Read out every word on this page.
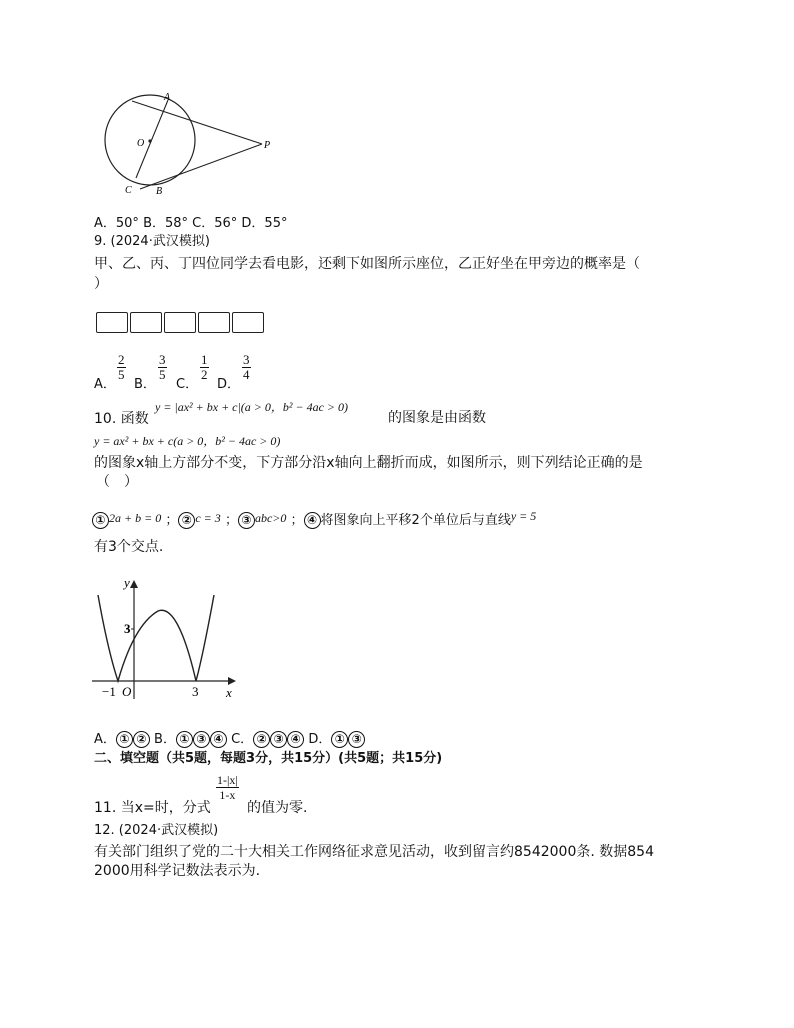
A
O	P
C B
A．50° B．58° C．56° D．55°
9. (2024·武汉模拟)
甲、乙、丙、丁四位同学去看电影，还剩下如图所示座位，乙正好坐在甲旁边的概率是（
）
A．
$\frac{2}{5}$
B．
$\frac{3}{5}$
C．
$\frac{1}{2}$
D．
$\frac{3}{4}$
10. 函数
y = |ax² + bx + c|(a > 0，b² − 4ac > 0)
的图象是由函数
y = ax² + bx + c(a > 0，b² − 4ac > 0)
的图象x轴上方部分不变，下方部分沿x轴向上翻折而成，如图所示，则下列结论正确的是
（　）
① 2a + b = 0 ； ② c = 3 ； ③ abc>0 ； ④ 将图象向上平移2个单位后与直线y = 5
有3个交点.
y
x
3
−1 O	3
A． ① ② B． ① ③ ④ C． ② ③ ④ D． ① ③
二、填空题（共5题，每题3分，共15分）(共5题；共15分)
11. 当x=时，分式
$\frac{1-|x|}{1-x}$
的值为零.
12. (2024·武汉模拟)
有关部门组织了党的二十大相关工作网络征求意见活动，收到留言约8542000条. 数据854
2000用科学记数法表示为.
